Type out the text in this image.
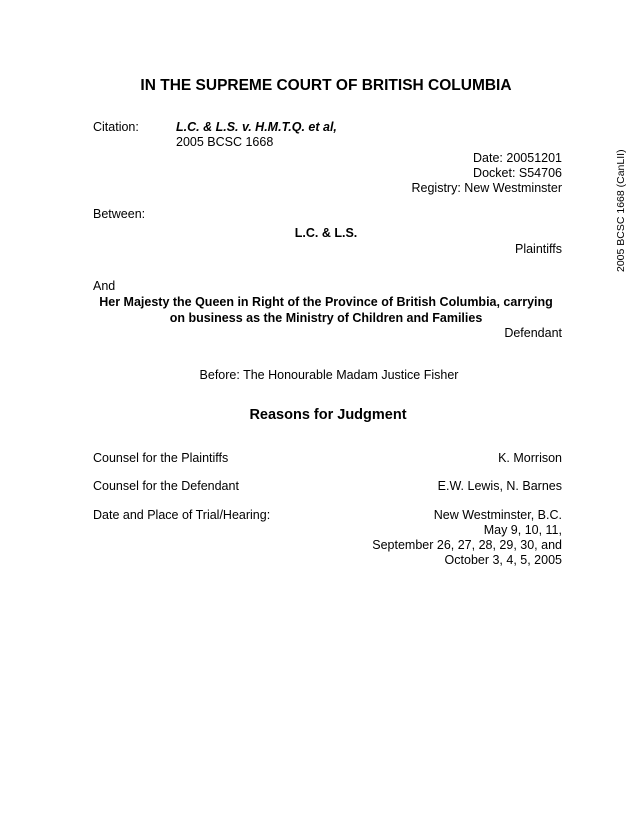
IN THE SUPREME COURT OF BRITISH COLUMBIA
Citation:	L.C. & L.S. v. H.M.T.Q. et al,
2005 BCSC 1668
Date: 20051201
Docket: S54706
Registry: New Westminster
Between:
L.C. & L.S.
Plaintiffs
And
Her Majesty the Queen in Right of the Province of British Columbia, carrying
on business as the Ministry of Children and Families
Defendant
Before: The Honourable Madam Justice Fisher
Reasons for Judgment
Counsel for the Plaintiffs	K. Morrison
Counsel for the Defendant	E.W. Lewis, N. Barnes
Date and Place of Trial/Hearing:	New Westminster, B.C.
May 9, 10, 11,
September 26, 27, 28, 29, 30, and
October 3, 4, 5, 2005
2005 BCSC 1668 (CanLII)
